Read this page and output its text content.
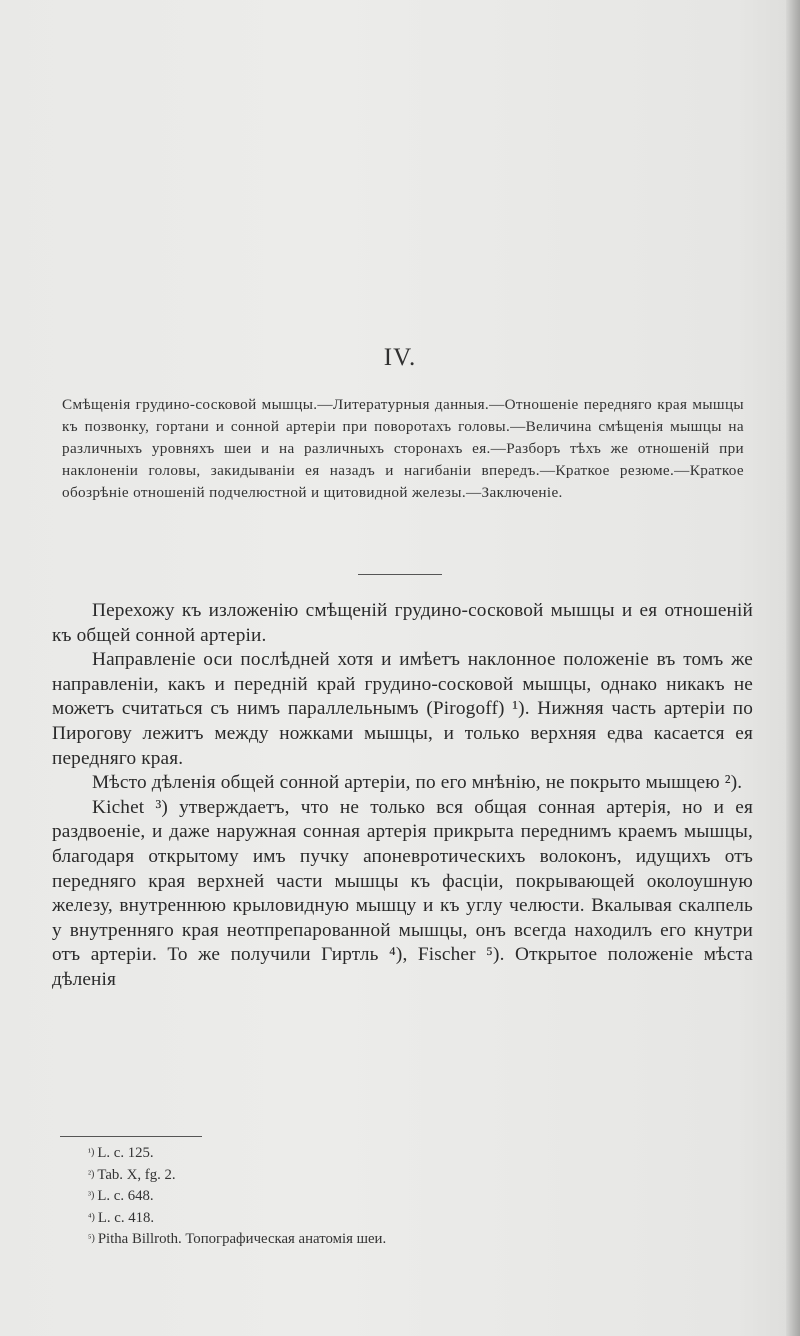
IV.
Смѣщенія грудино-сосковой мышцы.—Литературныя данныя.—Отношеніе передняго края мышцы къ позвонку, гортани и сонной артеріи при поворотахъ головы.—Величина смѣщенія мышцы на различныхъ уровняхъ шеи и на различныхъ сторонахъ ея.—Разборъ тѣхъ же отношеній при наклоненіи головы, закидываніи ея назадъ и нагибаніи впередъ.—Краткое резюме.—Краткое обозрѣніе отношеній подчелюстной и щитовидной железы.—Заключеніе.

Перехожу къ изложенію смѣщеній грудино-сосковой мышцы и ея отношеній къ общей сонной артеріи.

Направленіе оси послѣдней хотя и имѣетъ наклонное положеніе въ томъ же направленіи, какъ и передній край грудино-сосковой мышцы, однако никакъ не можетъ считаться съ нимъ параллельнымъ (Pirogoff) ¹). Нижняя часть артеріи по Пирогову лежитъ между ножками мышцы, и только верхняя едва касается ея передняго края.

Мѣсто дѣленія общей сонной артеріи, по его мнѣнію, не покрыто мышцею ²).

Kichet ³) утверждаетъ, что не только вся общая сонная артерія, но и ея раздвоеніе, и даже наружная сонная артерія прикрыта переднимъ краемъ мышцы, благодаря открытому имъ пучку апоневротическихъ волоконъ, идущихъ отъ передняго края верхней части мышцы къ фасціи, покрывающей околоушную железу, внутреннюю крыловидную мышцу и къ углу челюсти. Вкалывая скалпель у внутренняго края неотпрепарованной мышцы, онъ всегда находилъ его кнутри отъ артеріи. То же получили Гиртль ⁴), Fischer ⁵). Открытое положеніе мѣста дѣленія

$^{^1)}$ L. c. 125.
$^{^2)}$ Tab. X, fg. 2.
$^{^3)}$ L. c. 648.
$^{^4)}$ L. c. 418.
$^{^5)}$ Pitha Billroth. Топографическая анатомія шеи.
